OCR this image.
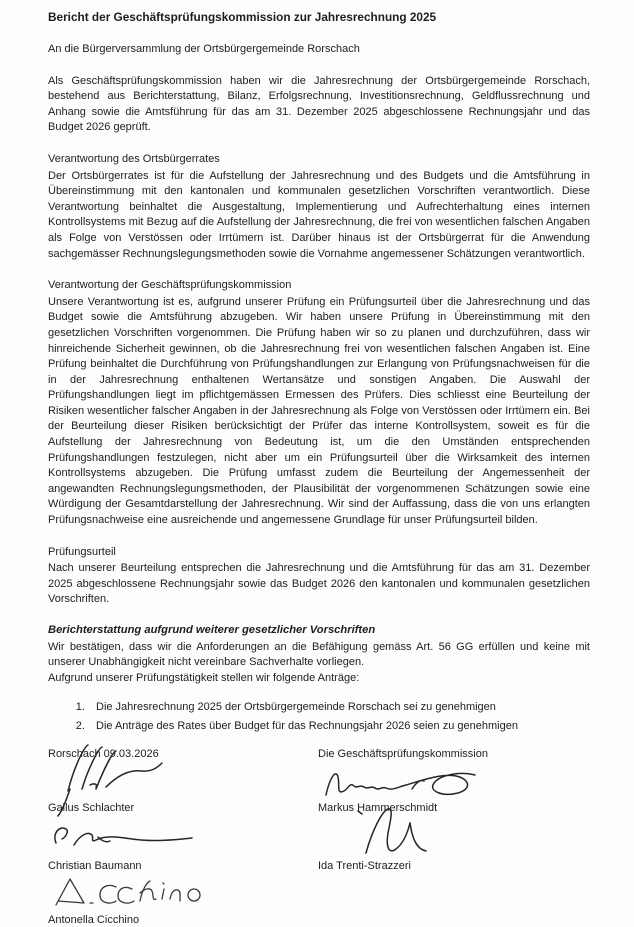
Bericht der Geschäftsprüfungskommission zur Jahresrechnung 2025

An die Bürgerversammlung der Ortsbürgergemeinde Rorschach

Als Geschäftsprüfungskommission haben wir die Jahresrechnung der Ortsbürgergemeinde Rorschach, bestehend aus Berichterstattung, Bilanz, Erfolgsrechnung, Investitionsrechnung, Geldflussrechnung und Anhang sowie die Amtsführung für das am 31. Dezember 2025 abgeschlossene Rechnungsjahr und das Budget 2026 geprüft.

Verantwortung des Ortsbürgerrates

Der Ortsbürgerrates ist für die Aufstellung der Jahresrechnung und des Budgets und die Amtsführung in Übereinstimmung mit den kantonalen und kommunalen gesetzlichen Vorschriften verantwortlich. Diese Verantwortung beinhaltet die Ausgestaltung, Implementierung und Aufrechterhaltung eines internen Kontrollsystems mit Bezug auf die Aufstellung der Jahresrechnung, die frei von wesentlichen falschen Angaben als Folge von Verstössen oder Irrtümern ist. Darüber hinaus ist der Ortsbürgerrat für die Anwendung sachgemässer Rechnungslegungsmethoden sowie die Vornahme angemessener Schätzungen verantwortlich.

Verantwortung der Geschäftsprüfungskommission

Unsere Verantwortung ist es, aufgrund unserer Prüfung ein Prüfungsurteil über die Jahresrechnung und das Budget sowie die Amtsführung abzugeben. Wir haben unsere Prüfung in Übereinstimmung mit den gesetzlichen Vorschriften vorgenommen. Die Prüfung haben wir so zu planen und durchzuführen, dass wir hinreichende Sicherheit gewinnen, ob die Jahresrechnung frei von wesentlichen falschen Angaben ist. Eine Prüfung beinhaltet die Durchführung von Prüfungshandlungen zur Erlangung von Prüfungsnachweisen für die in der Jahresrechnung enthaltenen Wertansätze und sonstigen Angaben. Die Auswahl der Prüfungshandlungen liegt im pflichtgemässen Ermessen des Prüfers. Dies schliesst eine Beurteilung der Risiken wesentlicher falscher Angaben in der Jahresrechnung als Folge von Verstössen oder Irrtümern ein. Bei der Beurteilung dieser Risiken berücksichtigt der Prüfer das interne Kontrollsystem, soweit es für die Aufstellung der Jahresrechnung von Bedeutung ist, um die den Umständen entsprechenden Prüfungshandlungen festzulegen, nicht aber um ein Prüfungsurteil über die Wirksamkeit des internen Kontrollsystems abzugeben. Die Prüfung umfasst zudem die Beurteilung der Angemessenheit der angewandten Rechnungslegungsmethoden, der Plausibilität der vorgenommenen Schätzungen sowie eine Würdigung der Gesamtdarstellung der Jahresrechnung. Wir sind der Auffassung, dass die von uns erlangten Prüfungsnachweise eine ausreichende und angemessene Grundlage für unser Prüfungsurteil bilden.

Prüfungsurteil

Nach unserer Beurteilung entsprechen die Jahresrechnung und die Amtsführung für das am 31. Dezember 2025 abgeschlossene Rechnungsjahr sowie das Budget 2026 den kantonalen und kommunalen gesetzlichen Vorschriften.

Berichterstattung aufgrund weiterer gesetzlicher Vorschriften

Wir bestätigen, dass wir die Anforderungen an die Befähigung gemäss Art. 56 GG erfüllen und keine mit unserer Unabhängigkeit nicht vereinbare Sachverhalte vorliegen.

Aufgrund unserer Prüfungstätigkeit stellen wir folgende Anträge:

1. Die Jahresrechnung 2025 der Ortsbürgergemeinde Rorschach sei zu genehmigen
2. Die Anträge des Rates über Budget für das Rechnungsjahr 2026 seien zu genehmigen
Rorschach 09.03.2026	Die Geschäftsprüfungskommission
Gallus Schlachter	Markus Hammerschmidt
Christian Baumann	Ida Trenti-Strazzeri
Antonella Cicchino
